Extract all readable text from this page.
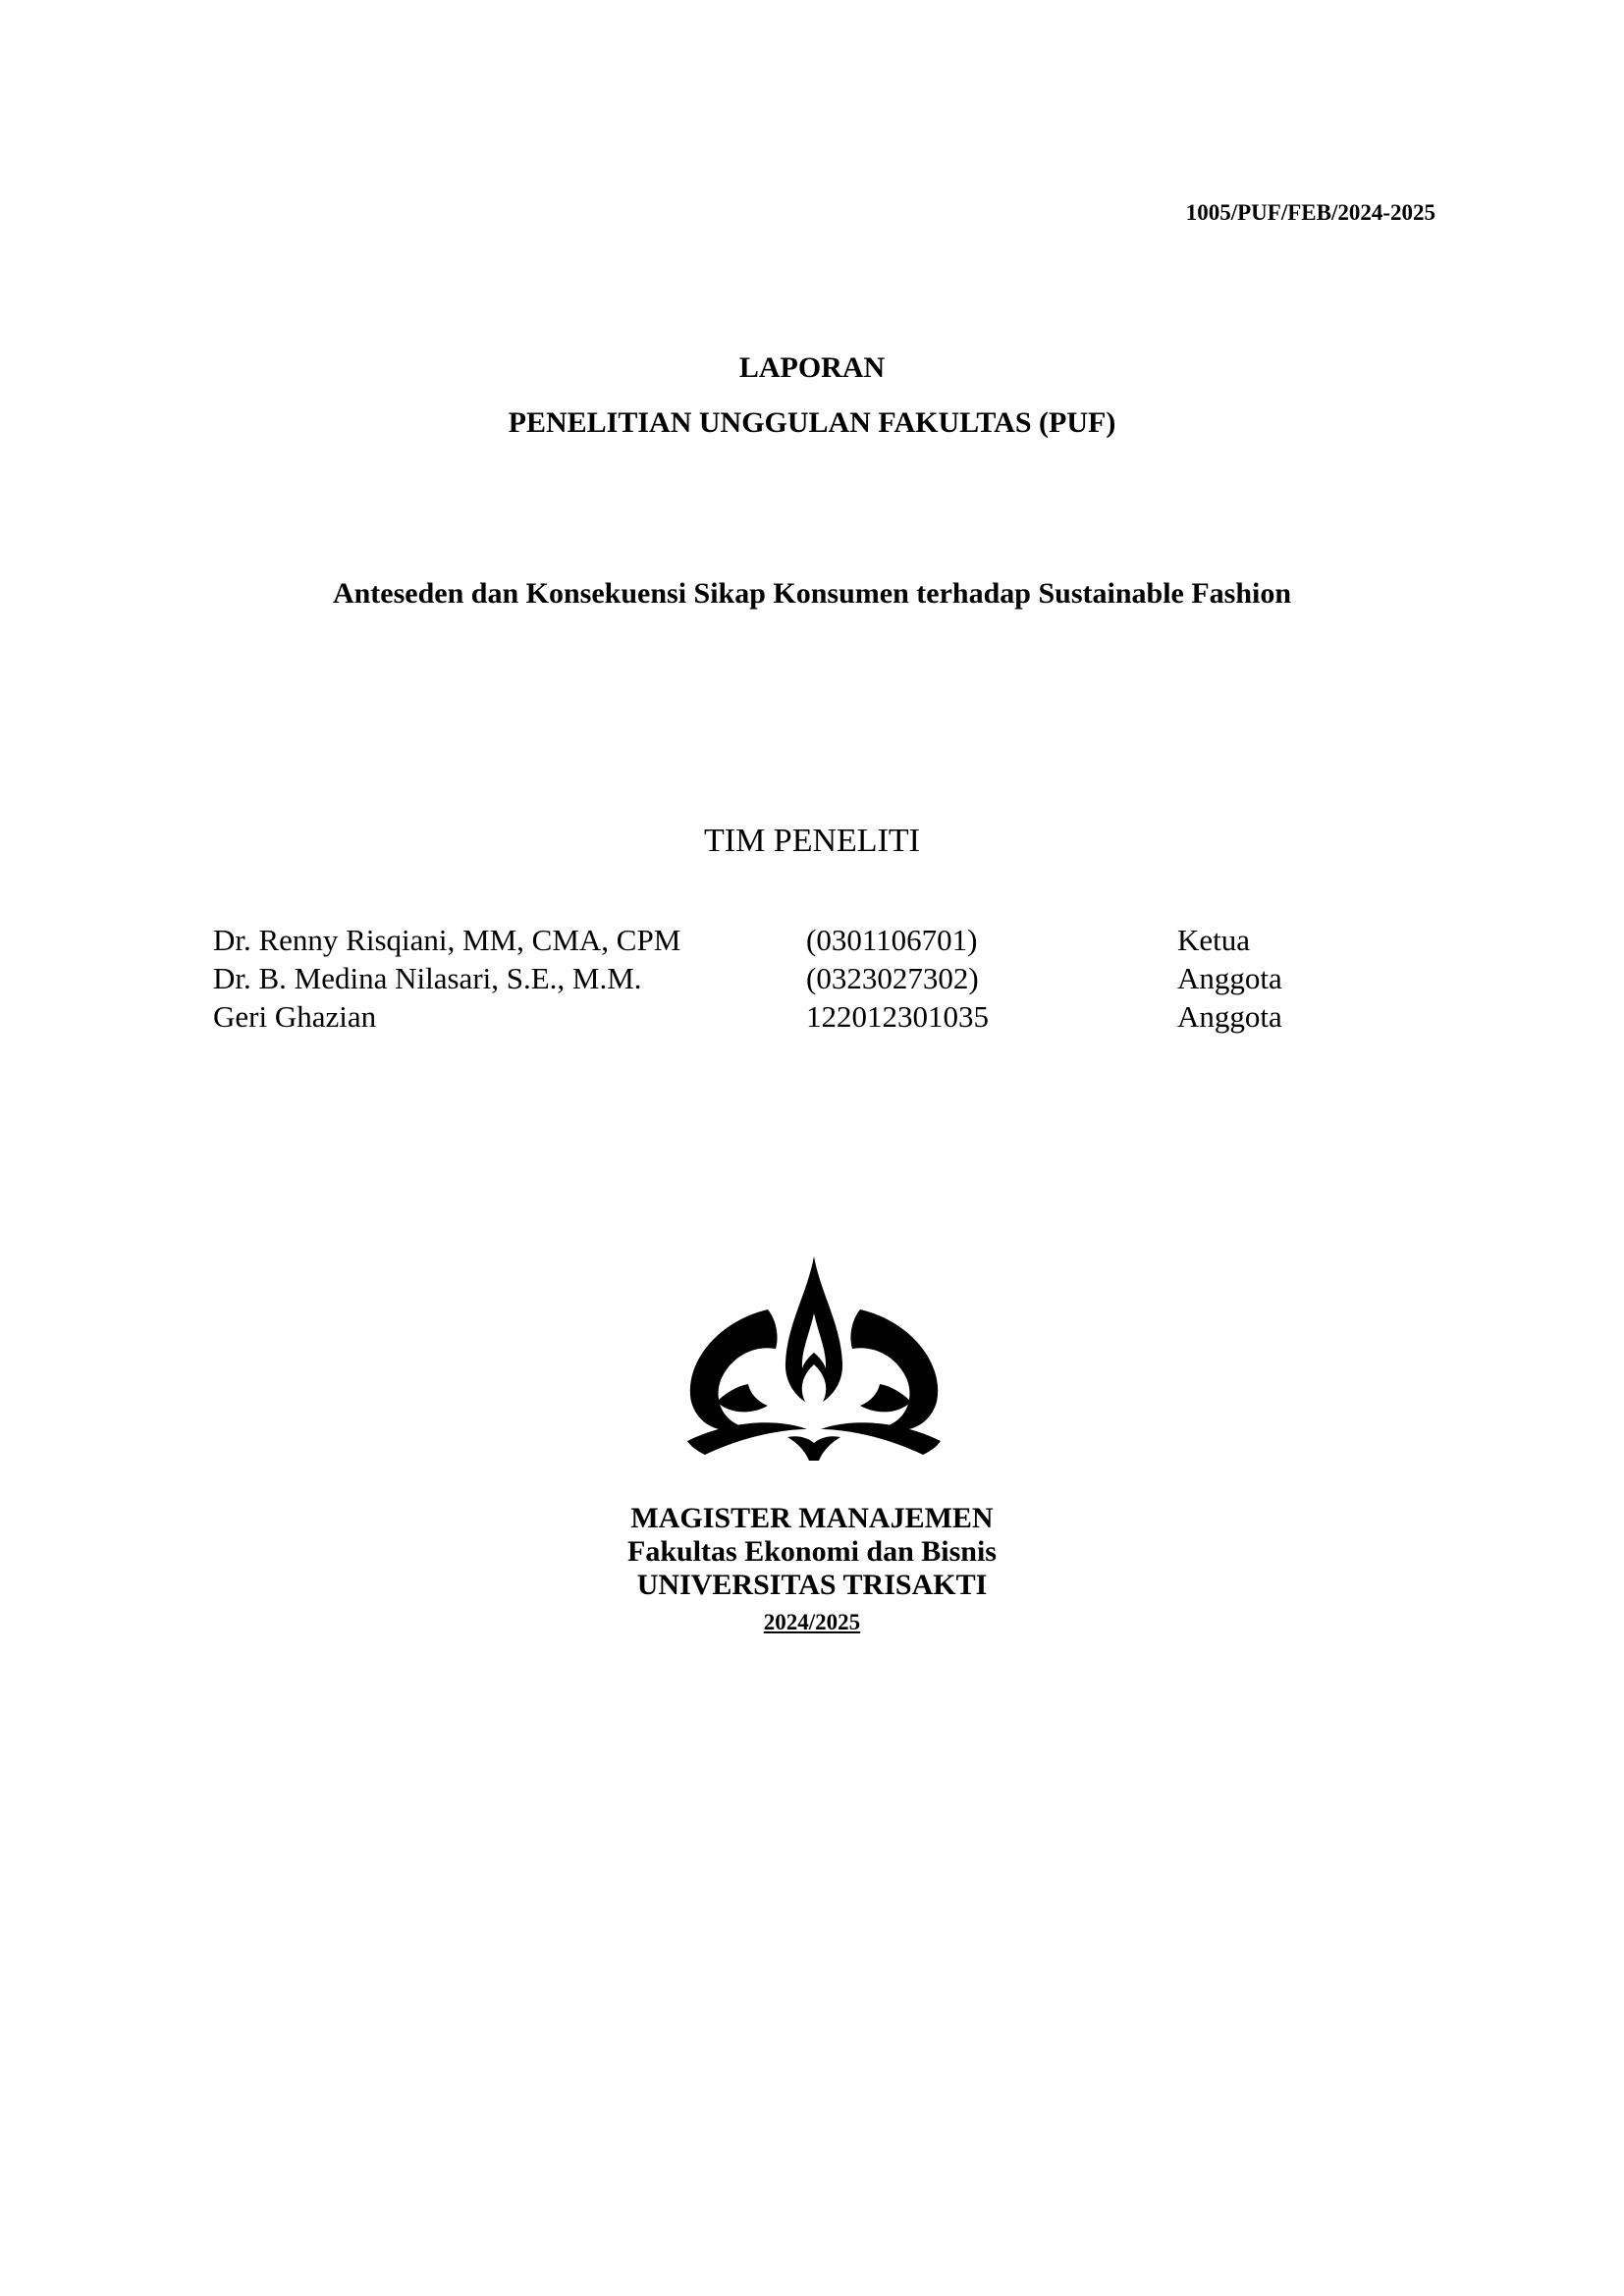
1005/PUF/FEB/2024-2025
LAPORAN
PENELITIAN UNGGULAN FAKULTAS (PUF)
Anteseden dan Konsekuensi Sikap Konsumen terhadap Sustainable Fashion
TIM PENELITI
Dr. Renny Risqiani, MM, CMA, CPM	(0301106701)	Ketua
Dr. B. Medina Nilasari, S.E., M.M.	(0323027302)	Anggota
Geri Ghazian	122012301035	Anggota
MAGISTER MANAJEMEN
Fakultas Ekonomi dan Bisnis
UNIVERSITAS TRISAKTI
2024/2025
